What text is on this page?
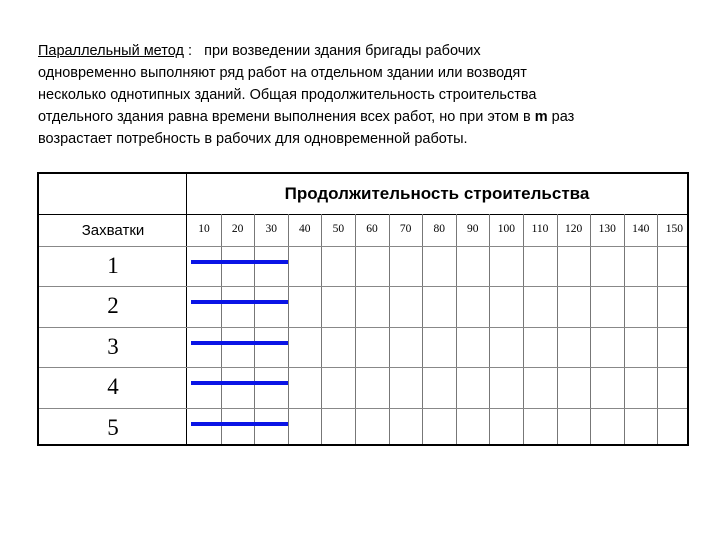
Параллельный метод : при возведении здания бригады рабочих
одновременно выполняют ряд работ на отдельном здании или возводят
несколько однотипных зданий. Общая продолжительность строительства
отдельного здания равна времени выполнения всех работ, но при этом в m раз
возрастает потребность в рабочих для одновременной работы.
Продолжительность строительства
Захватки	10	20	30	40	50	60	70	80	90	100	110	120	130	140	150
1
2
3
4
5
